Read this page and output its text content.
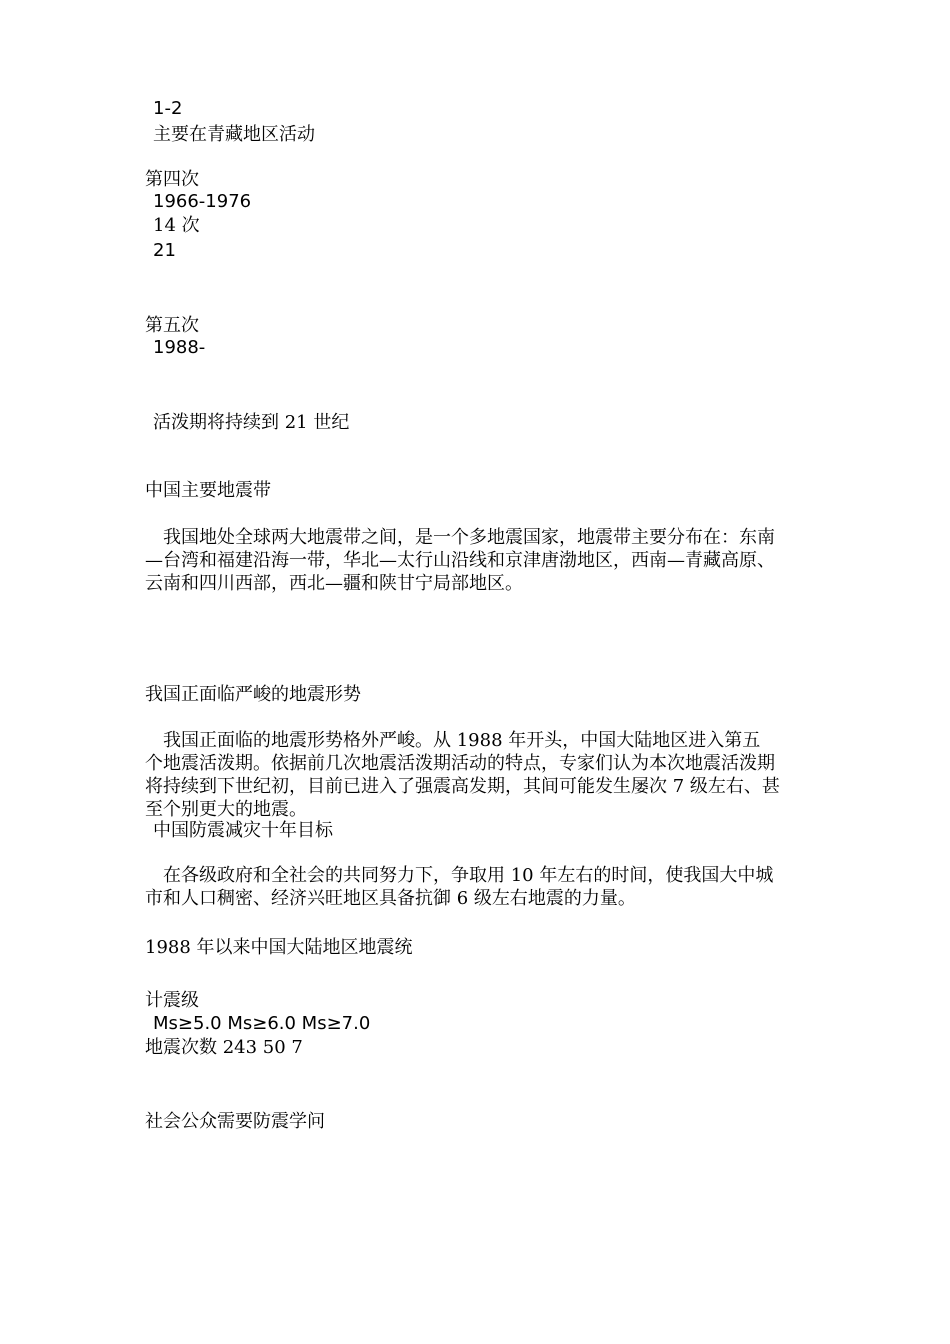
1-2
主要在青藏地区活动
第四次
1966-1976
14 次
21
第五次
1988-
活泼期将持续到 21 世纪
中国主要地震带
　我国地处全球两大地震带之间，是一个多地震国家，地震带主要分布在：东南
—台湾和福建沿海一带，华北—太行山沿线和京津唐渤地区，西南—青藏高原、
云南和四川西部，西北—疆和陕甘宁局部地区。
我国正面临严峻的地震形势
　我国正面临的地震形势格外严峻。从 1988 年开头，中国大陆地区进入第五
个地震活泼期。依据前几次地震活泼期活动的特点，专家们认为本次地震活泼期
将持续到下世纪初，目前已进入了强震高发期，其间可能发生屡次 7 级左右、甚
至个别更大的地震。
中国防震减灾十年目标
　在各级政府和全社会的共同努力下，争取用 10 年左右的时间，使我国大中城
市和人口稠密、经济兴旺地区具备抗御 6 级左右地震的力量。
1988 年以来中国大陆地区地震统
计震级
Ms≥5.0 Ms≥6.0 Ms≥7.0
地震次数 243 50 7
社会公众需要防震学问
